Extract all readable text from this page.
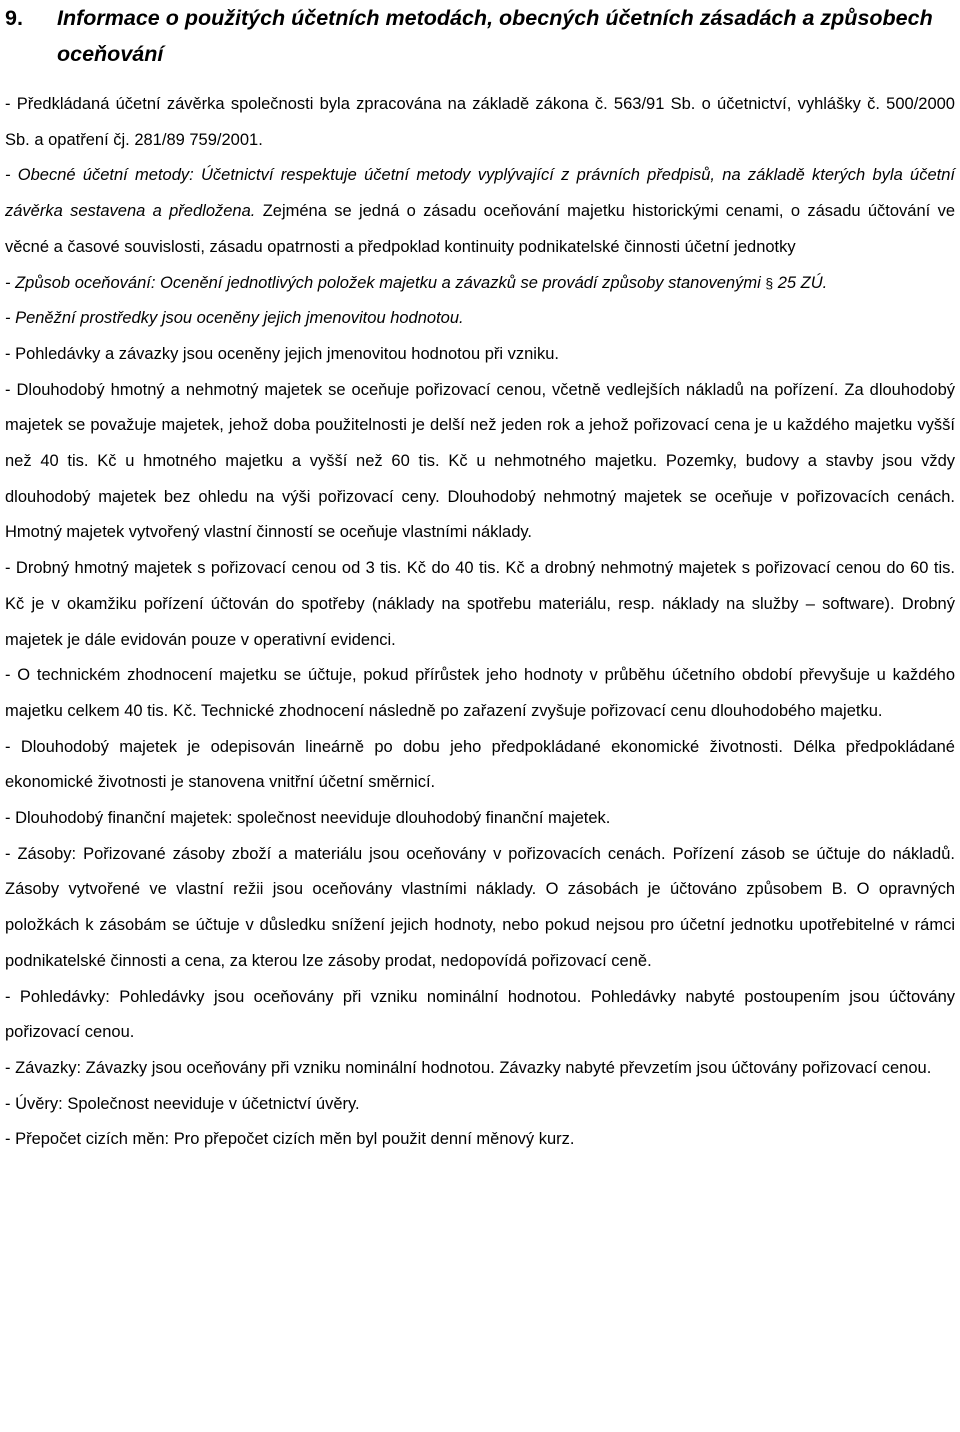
9.	Informace o použitých účetních metodách, obecných účetních zásadách a způsobech oceňování

- Předkládaná účetní závěrka společnosti byla zpracována na základě zákona č. 563/91 Sb. o účetnictví, vyhlášky č. 500/2000 Sb. a opatření čj. 281/89 759/2001.

- Obecné účetní metody: Účetnictví respektuje účetní metody vyplývající z právních předpisů, na základě kterých byla účetní závěrka sestavena a předložena. Zejména se jedná o zásadu oceňování majetku historickými cenami, o zásadu účtování ve věcné a časové souvislosti, zásadu opatrnosti a předpoklad kontinuity podnikatelské činnosti účetní jednotky

- Způsob oceňování: Ocenění jednotlivých položek majetku a závazků se provádí způsoby stanovenými § 25 ZÚ.

- Peněžní prostředky jsou oceněny jejich jmenovitou hodnotou.

- Pohledávky a závazky jsou oceněny jejich jmenovitou hodnotou při vzniku.

- Dlouhodobý hmotný a nehmotný majetek se oceňuje pořizovací cenou, včetně vedlejších nákladů na pořízení. Za dlouhodobý majetek se považuje majetek, jehož doba použitelnosti je delší než jeden rok a jehož pořizovací cena je u každého majetku vyšší než 40 tis. Kč u hmotného majetku a vyšší než 60 tis. Kč u nehmotného majetku. Pozemky, budovy a stavby jsou vždy dlouhodobý majetek bez ohledu na výši pořizovací ceny. Dlouhodobý nehmotný majetek se oceňuje v pořizovacích cenách. Hmotný majetek vytvořený vlastní činností se oceňuje vlastními náklady.

- Drobný hmotný majetek s pořizovací cenou od 3 tis. Kč do 40 tis. Kč a drobný nehmotný majetek s pořizovací cenou do 60 tis. Kč je v okamžiku pořízení účtován do spotřeby (náklady na spotřebu materiálu, resp. náklady na služby – software). Drobný majetek je dále evidován pouze v operativní evidenci.

- O technickém zhodnocení majetku se účtuje, pokud přírůstek jeho hodnoty v průběhu účetního období převyšuje u každého majetku celkem 40 tis. Kč. Technické zhodnocení následně po zařazení zvyšuje pořizovací cenu dlouhodobého majetku.

- Dlouhodobý majetek je odepisován lineárně po dobu jeho předpokládané ekonomické životnosti. Délka předpokládané ekonomické životnosti je stanovena vnitřní účetní směrnicí.

- Dlouhodobý finanční majetek: společnost neeviduje dlouhodobý finanční majetek.

- Zásoby: Pořizované zásoby zboží a materiálu jsou oceňovány v pořizovacích cenách. Pořízení zásob se účtuje do nákladů. Zásoby vytvořené ve vlastní režii jsou oceňovány vlastními náklady. O zásobách je účtováno způsobem B. O opravných položkách k zásobám se účtuje v důsledku snížení jejich hodnoty, nebo pokud nejsou pro účetní jednotku upotřebitelné v rámci podnikatelské činnosti a cena, za kterou lze zásoby prodat, nedopovídá pořizovací ceně.

- Pohledávky: Pohledávky jsou oceňovány při vzniku nominální hodnotou. Pohledávky nabyté postoupením jsou účtovány pořizovací cenou.

- Závazky: Závazky jsou oceňovány při vzniku nominální hodnotou. Závazky nabyté převzetím jsou účtovány pořizovací cenou.

- Úvěry: Společnost neeviduje v účetnictví úvěry.

- Přepočet cizích měn: Pro přepočet cizích měn byl použit denní měnový kurz.
